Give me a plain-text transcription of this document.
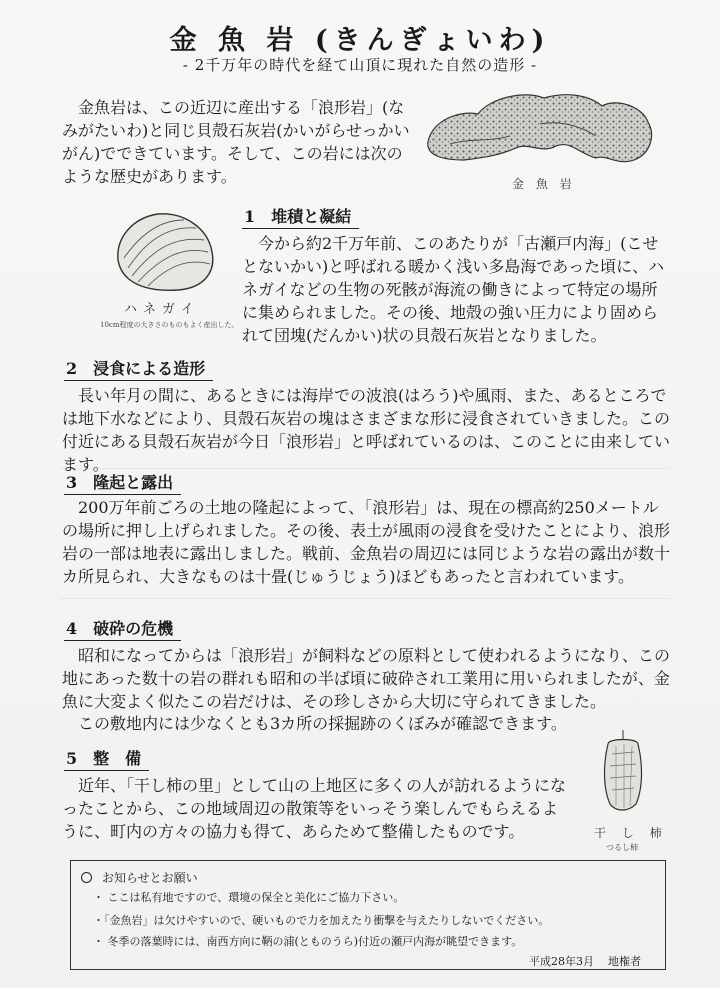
金 魚 岩 (きんぎょいわ)
- 2千万年の時代を経て山頂に現れた自然の造形 -

金魚岩は、この近辺に産出する「浪形岩」(なみがたいわ)と同じ貝殻石灰岩(かいがらせっかいがん)でできています。そして、この岩には次のような歴史があります。	金 魚 岩
ハネガイ
10cm程度の大きさのものもよく産出した。
1　堆積と凝結

今から約2千万年前、このあたりが「古瀬戸内海」(こせとないかい)と呼ばれる暖かく浅い多島海であった頃に、ハネガイなどの生物の死骸が海流の働きによって特定の場所に集められました。その後、地殻の強い圧力により固められて団塊(だんかい)状の貝殻石灰岩となりました。

2　浸食による造形

長い年月の間に、あるときには海岸での波浪(はろう)や風雨、また、あるところでは地下水などにより、貝殻石灰岩の塊はさまざまな形に浸食されていきました。この付近にある貝殻石灰岩が今日「浪形岩」と呼ばれているのは、このことに由来しています。

3　隆起と露出

200万年前ごろの土地の隆起によって、「浪形岩」は、現在の標高約250メートルの場所に押し上げられました。その後、表土が風雨の浸食を受けたことにより、浪形岩の一部は地表に露出しました。戦前、金魚岩の周辺には同じような岩の露出が数十カ所見られ、大きなものは十畳(じゅうじょう)ほどもあったと言われています。

4　破砕の危機

昭和になってからは「浪形岩」が飼料などの原料として使われるようになり、この地にあった数十の岩の群れも昭和の半ば頃に破砕され工業用に用いられましたが、金魚に大変よく似たこの岩だけは、その珍しさから大切に守られてきました。

この敷地内には少なくとも3カ所の採掘跡のくぼみが確認できます。

5　整　備

近年、「干し柿の里」として山の上地区に多くの人が訪れるようになったことから、この地域周辺の散策等をいっそう楽しんでもらえるように、町内の方々の協力も得て、あらためて整備したものです。	干 し 柿
つるし柿
お知らせとお願い
・ ここは私有地ですので、環境の保全と美化にご協力下さい。
・「金魚岩」は欠けやすいので、硬いもので力を加えたり衝撃を与えたりしないでください。
・ 冬季の落葉時には、南西方向に鞆の浦(とものうら)付近の瀬戸内海が眺望できます。
平成28年3月 地権者
